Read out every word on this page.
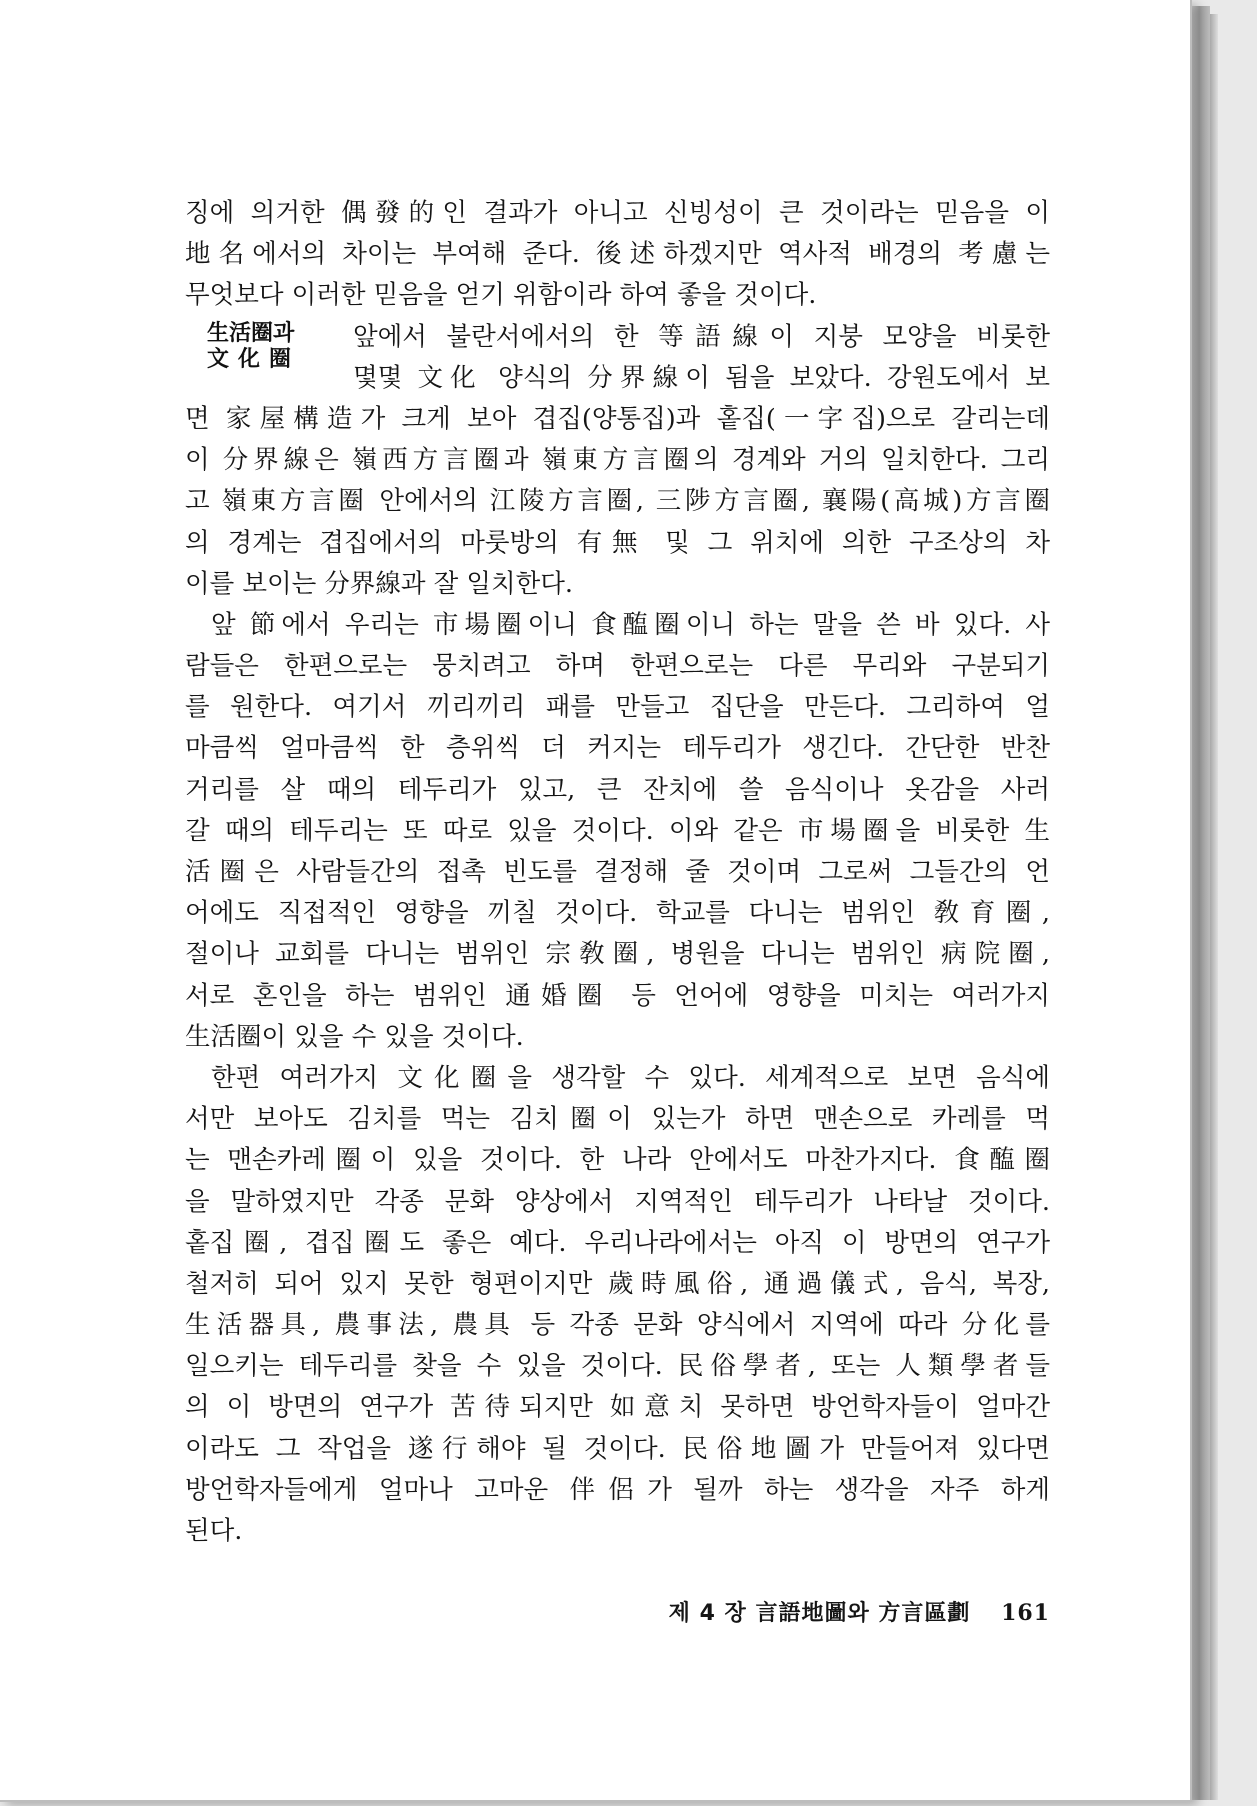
징에 의거한 偶發的인 결과가 아니고 신빙성이 큰 것이라는 믿음을 이
地名에서의 차이는 부여해 준다. 後述하겠지만 역사적 배경의 考慮는
무엇보다 이러한 믿음을 얻기 위함이라 하여 좋을 것이다.
生活圈과
文化圈
앞에서 불란서에서의 한 等語線이 지붕 모양을 비롯한
몇몇 文化 양식의 分界線이 됨을 보았다. 강원도에서 보
면 家屋構造가 크게 보아 겹집(양통집)과 홑집(一字집)으로 갈리는데
이 分界線은 嶺西方言圈과 嶺東方言圈의 경계와 거의 일치한다. 그리
고 嶺東方言圈 안에서의 江陵方言圈, 三陟方言圈, 襄陽(高城)方言圈
의 경계는 겹집에서의 마룻방의 有無 및 그 위치에 의한 구조상의 차
이를 보이는 分界線과 잘 일치한다.
앞 節에서 우리는 市場圈이니 食醢圈이니 하는 말을 쓴 바 있다. 사
람들은 한편으로는 뭉치려고 하며 한편으로는 다른 무리와 구분되기
를 원한다. 여기서 끼리끼리 패를 만들고 집단을 만든다. 그리하여 얼
마큼씩 얼마큼씩 한 층위씩 더 커지는 테두리가 생긴다. 간단한 반찬
거리를 살 때의 테두리가 있고, 큰 잔치에 쓸 음식이나 옷감을 사러
갈 때의 테두리는 또 따로 있을 것이다. 이와 같은 市場圈을 비롯한 生
活圈은 사람들간의 접촉 빈도를 결정해 줄 것이며 그로써 그들간의 언
어에도 직접적인 영향을 끼칠 것이다. 학교를 다니는 범위인 敎育圈,
절이나 교회를 다니는 범위인 宗敎圈, 병원을 다니는 범위인 病院圈,
서로 혼인을 하는 범위인 通婚圈 등 언어에 영향을 미치는 여러가지
生活圈이 있을 수 있을 것이다.
한편 여러가지 文化圈을 생각할 수 있다. 세계적으로 보면 음식에
서만 보아도 김치를 먹는 김치圈이 있는가 하면 맨손으로 카레를 먹
는 맨손카레圈이 있을 것이다. 한 나라 안에서도 마찬가지다. 食醢圈
을 말하였지만 각종 문화 양상에서 지역적인 테두리가 나타날 것이다.
홑집圈, 겹집圈도 좋은 예다. 우리나라에서는 아직 이 방면의 연구가
철저히 되어 있지 못한 형편이지만 歲時風俗, 通過儀式, 음식, 복장,
生活器具, 農事法, 農具 등 각종 문화 양식에서 지역에 따라 分化를
일으키는 테두리를 찾을 수 있을 것이다. 民俗學者, 또는 人類學者들
의 이 방면의 연구가 苦待되지만 如意치 못하면 방언학자들이 얼마간
이라도 그 작업을 遂行해야 될 것이다. 民俗地圖가 만들어져 있다면
방언학자들에게 얼마나 고마운 伴侶가 될까 하는 생각을 자주 하게
된다.
제 4 장 言語地圖와 方言區劃 161
